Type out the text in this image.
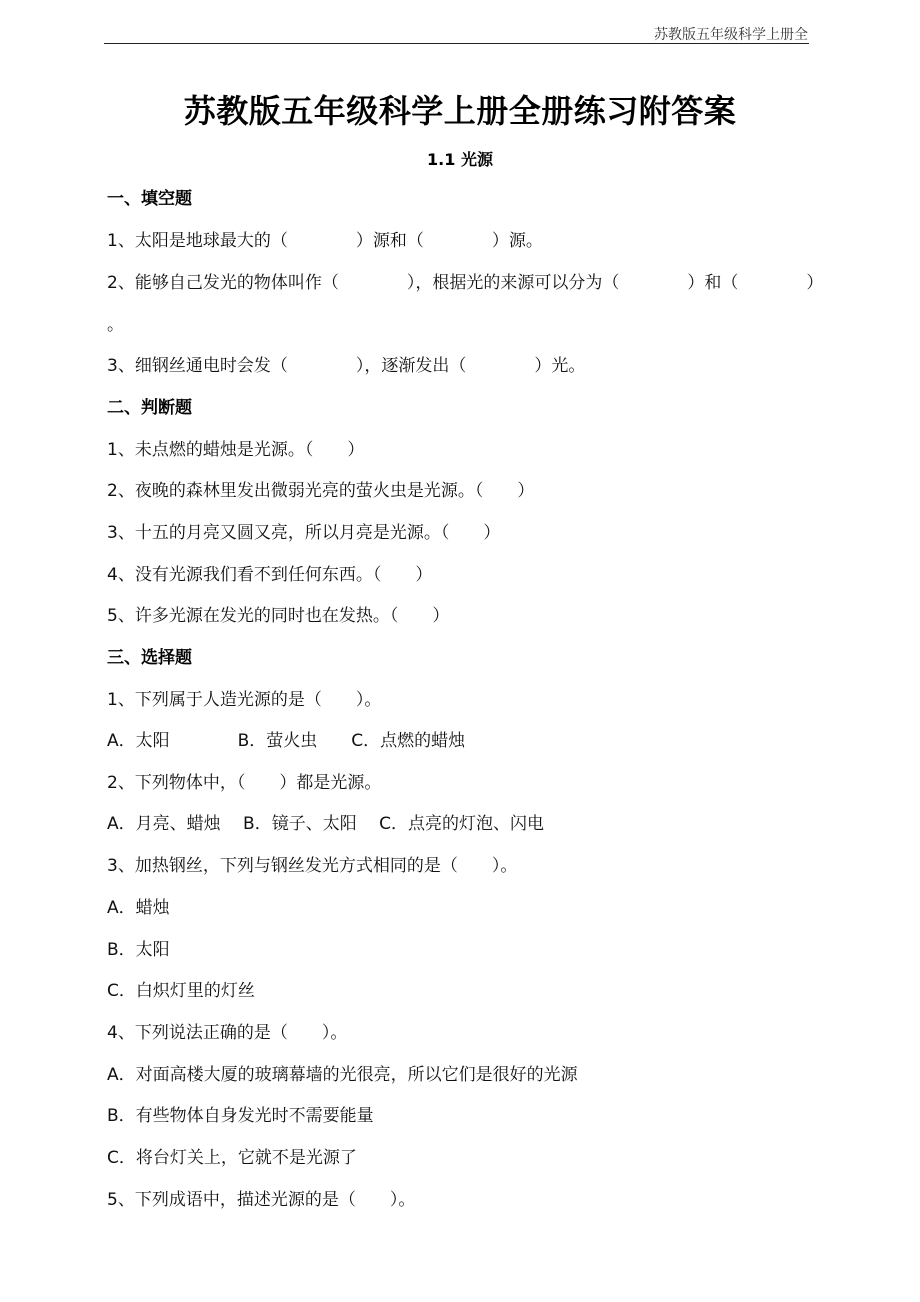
苏教版五年级科学上册全
苏教版五年级科学上册全册练习附答案
1.1 光源
一、填空题
1、太阳是地球最大的（　　　　）源和（　　　　）源。
2、能够自己发光的物体叫作（　　　　），根据光的来源可以分为（　　　　）和（　　　　）
。
3、细钢丝通电时会发（　　　　），逐渐发出（　　　　）光。
二、判断题
1、未点燃的蜡烛是光源。（　　）
2、夜晚的森林里发出微弱光亮的萤火虫是光源。（　　）
3、十五的月亮又圆又亮，所以月亮是光源。（　　）
4、没有光源我们看不到任何东西。（　　）
5、许多光源在发光的同时也在发热。（　　）
三、选择题
1、下列属于人造光源的是（　　）。
A．太阳　　　　B．萤火虫　　C．点燃的蜡烛
2、下列物体中，（　　）都是光源。
A．月亮、蜡烛　 B．镜子、太阳　 C．点亮的灯泡、闪电
3、加热钢丝，下列与钢丝发光方式相同的是（　　）。
A．蜡烛
B．太阳
C．白炽灯里的灯丝
4、下列说法正确的是（　　）。
A．对面高楼大厦的玻璃幕墙的光很亮，所以它们是很好的光源
B．有些物体自身发光时不需要能量
C．将台灯关上，它就不是光源了
5、下列成语中，描述光源的是（　　）。
